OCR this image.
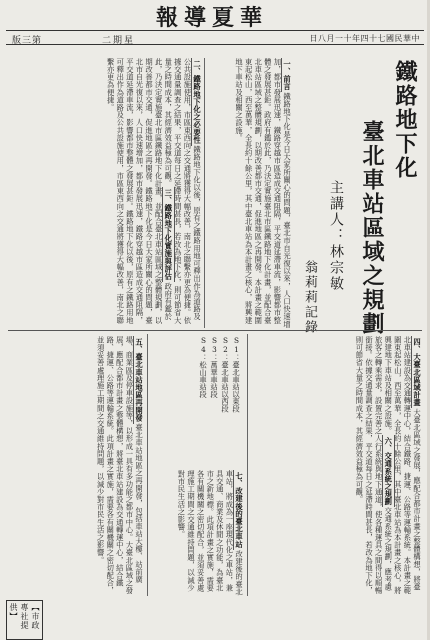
版三第	二期星
報導夏華
日八月一十年四十七國民華中
鐵路地下化
臺北車站區域之規劃
主講人：林宗敏
翁莉莉記錄
一、前言鐵路地下化是今日大家所關心的問題，臺北市自光復以來，人口快速增加，都市發展迅速，鐵路穿越市區造成交通阻隔，平交道延滯車流，影響都市整體之發展甚鉅。政府有鑑於此，乃決定實施臺北市區鐵路地下化計畫，並配合臺北車站區域之整體規劃，以期改善都市交通，促進地區之再開發。本計畫之範圍東起松山，西至萬華，全長約十餘公里，其中臺北車站為本計畫之核心，將興建地下車站及相關之設施。
二、鐵路地下化之必要性鐵路地下化以後，原有之鐵路用地可釋出作為道路及公共設施使用，市區東西向之交通將獲得大幅改善，南北之聯繫亦更為便捷。依據交通量調查之結果，平交道每日之延滯時間甚長，若改為地下化，則可節省大量之時間成本，其經濟效益極為可觀。三、鐵路地下化實施與評估政府有鑑於此，乃決定實施臺北市區鐵路地下化計畫，並配合臺北車站區域之整體規劃，以期改善都市交通，促進地區之再開發。鐵路地下化是今日大家所關心的問題，臺北市自光復以來，人口快速增加，都市發展迅速，鐵路穿越市區造成交通阻隔，平交道延滯車流，影響都市整體之發展甚鉅。鐵路地下化以後，原有之鐵路用地可釋出作為道路及公共設施使用，市區東西向之交通將獲得大幅改善，南北之聯繫亦更為便捷。
四、大臺北區域計畫大臺北區域之發展，應配合都市計畫之整體構想，將臺北車站建設為交通轉運中心，結合鐵路、捷運、公路等運輸系統。本計畫之範圍東起松山，西至萬華，全長約十餘公里，其中臺北車站為本計畫之核心，將興建地下車站及相關之設施。六、交通系統之規劃交通系統之規劃，應考慮旅客之轉乘需求，設置完善之人行系統與地下通道，使各種運具之間得以順暢銜接。依據交通量調查之結果，平交道每日之延滯時間甚長，若改為地下化，則可節省大量之時間成本，其經濟效益極為可觀。
S1：臺北車站以東段
S2：臺北車站以西段
S3：萬華車站段
S4：松山車站段
七、改建後的臺北車站改建後的臺北車站，將成為一座現代化之車站，兼具交通、商業及休閒之功能，為臺北市之新地標。此項計畫之實施，需要各有關機關之密切配合，並須妥善處理施工期間之交通維持問題，以減少對市民生活之影響。
五、臺北車站地區再開發臺北車站地區之再開發，包括車站大樓、站前廣場、商業區及停車設施等，以形成一具有多功能之都市中心。大臺北區域之發展，應配合都市計畫之整體構想，將臺北車站建設為交通轉運中心，結合鐵路、捷運、公路等運輸系統。此項計畫之實施，需要各有關機關之密切配合，並須妥善處理施工期間之交通維持問題，以減少對市民生活之影響。
【市政專社提供】
